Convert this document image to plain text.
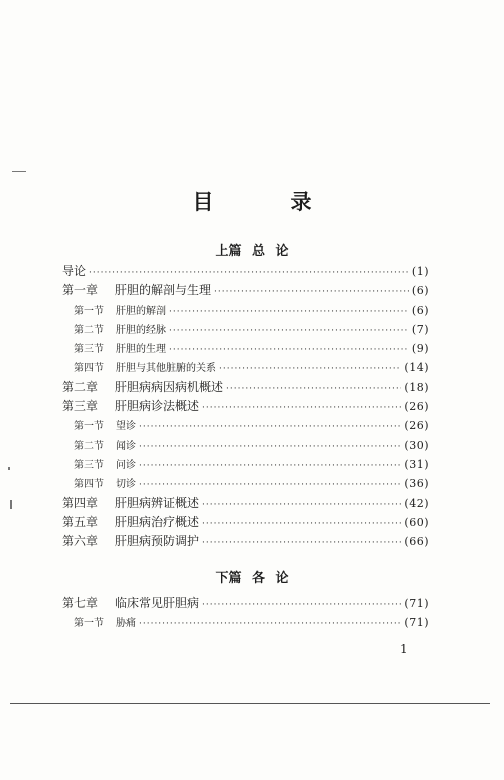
目　录
上篇 总 论
导论 ·····	(1)
第一章	肝胆的解剖与生理 ·····	(6)
第一节	肝胆的解剖 ·····	(6)
第二节	肝胆的经脉 ·····	(7)
第三节	肝胆的生理 ·····	(9)
第四节	肝胆与其他脏腑的关系 ·····	(14)
第二章	肝胆病病因病机概述 ·····	(18)
第三章	肝胆病诊法概述 ·····	(26)
第一节	望诊 ·····	(26)
第二节	闻诊 ·····	(30)
第三节	问诊 ·····	(31)
第四节	切诊 ·····	(36)
第四章	肝胆病辨证概述 ·····	(42)
第五章	肝胆病治疗概述 ·····	(60)
第六章	肝胆病预防调护 ·····	(66)
下篇 各 论
第七章	临床常见肝胆病 ·····	(71)
第一节	胁痛 ·····	(71)
1
